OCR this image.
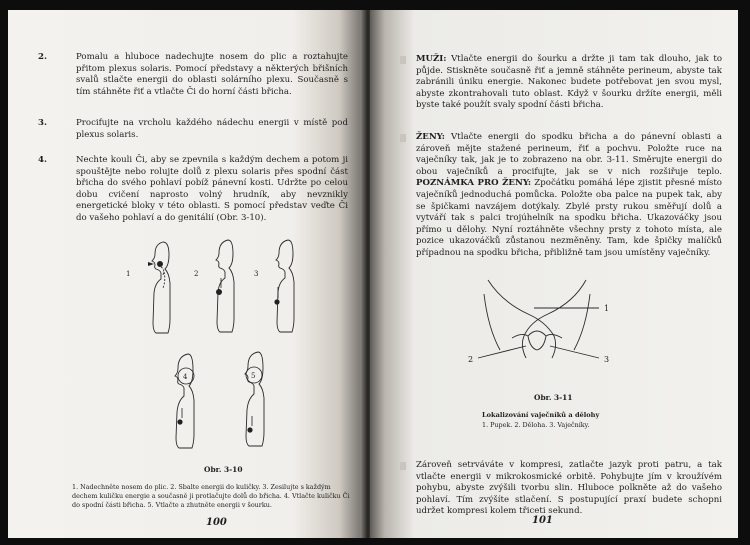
2.	Pomalu a hluboce nadechujte nosem do plic a roztahujte přitom plexus solaris. Pomocí představy a některých břišních svalů stlačte energii do oblasti solárního plexu. Současně s tím stáhněte řiť a vtlačte Či do horní části břicha.
3.	Procifujte na vrcholu každého nádechu energii v místě pod plexus solaris.
4.	Nechte kouli Či, aby se zpevnila s každým dechem a potom ji spouštějte nebo rolujte dolů z plexu solaris přes spodní část břicha do svého pohlaví pobíž pánevní kosti. Udržte po celou dobu cvičení naprosto volný hrudník, aby nevznikly energetické bloky v této oblasti. S pomocí představ veďte Či do vašeho pohlaví a do genitálií (Obr. 3-10).
1	2	3
4	5
Obr. 3-10
1. Nadechněte nosem do plic. 2. Sbalte energii do kuličky. 3. Zesilujte s každým dechem kuličku energie a současně ji protlačujte dolů do břicha. 4. Vtlačte kuličku Či do spodní části břicha. 5. Vtlačte a zhutněte energii v šourku.
100
MUŽI: Vtlačte energii do šourku a držte ji tam tak dlouho, jak to půjde. Stiskněte současně řiť a jemně stáhněte perineum, abyste tak zabránili úniku energie. Nakonec budete potřebovat jen svou mysl, abyste zkontrahovali tuto oblast. Když v šourku držíte energii, měli byste také použít svaly spodní části břicha.
ŽENY: Vtlačte energii do spodku břicha a do pánevní oblasti a zároveň mějte stažené perineum, řiť a pochvu. Položte ruce na vaječníky tak, jak je to zobrazeno na obr. 3-11. Směrujte energii do obou vaječníků a procifujte, jak se v nich rozšiřuje teplo. POZNÁMKA PRO ŽENY: Zpočátku pomáhá lépe zjistit přesné místo vaječníků jednoduchá pomůcka. Položte oba palce na pupek tak, aby se špičkami navzájem dotýkaly. Zbylé prsty rukou směřují dolů a vytváří tak s palci trojúhelník na spodku břicha. Ukazováčky jsou přímo u dělohy. Nyní roztáhněte všechny prsty z tohoto místa, ale pozice ukazováčků zůstanou nezměněny. Tam, kde špičky malíčků případnou na spodku břicha, přibližně tam jsou umístěny vaječníky.
1
2	3
Obr. 3-11
Lokalizování vaječníků a dělohy
1. Pupek. 2. Děloha. 3. Vaječníky.
Zároveň setrváváte v kompresi, zatlačte jazyk proti patru, a tak vtlačte energii v mikrokosmické orbitě. Pohybujte jím v kroužívém pohybu, abyste zvýšili tvorbu slin. Hluboce polkněte až do vašeho pohlaví. Tím zvýšíte stlačení. S postupující praxí budete schopni udržet kompresi kolem třiceti sekund.
101
